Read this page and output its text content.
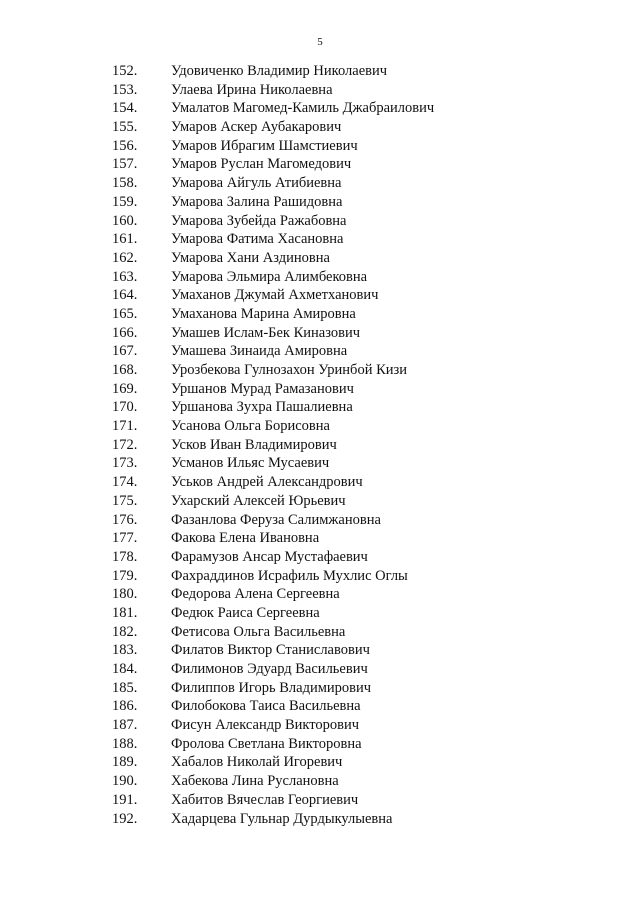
5
152. Удовиченко Владимир Николаевич
153. Улаева Ирина Николаевна
154. Умалатов Магомед-Камиль Джабраилович
155. Умаров Аскер Аубакарович
156. Умаров Ибрагим Шамстиевич
157. Умаров Руслан Магомедович
158. Умарова Айгуль Атибиевна
159. Умарова Залина Рашидовна
160. Умарова Зубейда Ражабовна
161. Умарова Фатима Хасановна
162. Умарова Хани Аздиновна
163. Умарова Эльмира Алимбековна
164. Умаханов Джумай Ахметханович
165. Умаханова Марина Амировна
166. Умашев Ислам-Бек Киназович
167. Умашева Зинаида Амировна
168. Урозбекова Гулнозахон Уринбой Кизи
169. Уршанов Мурад Рамазанович
170. Уршанова Зухра Пашалиевна
171. Усанова Ольга Борисовна
172. Усков Иван Владимирович
173. Усманов Ильяс Мусаевич
174. Уськов Андрей Александрович
175. Ухарский Алексей Юрьевич
176. Фазанлова Феруза Салимжановна
177. Факова Елена Ивановна
178. Фарамузов Ансар Мустафаевич
179. Фахраддинов Исрафиль Мухлис Оглы
180. Федорова Алена Сергеевна
181. Федюк Раиса Сергеевна
182. Фетисова Ольга Васильевна
183. Филатов Виктор Станиславович
184. Филимонов Эдуард Васильевич
185. Филиппов Игорь Владимирович
186. Филобокова Таиса Васильевна
187. Фисун Александр Викторович
188. Фролова Светлана Викторовна
189. Хабалов Николай Игоревич
190. Хабекова Лина Руслановна
191. Хабитов Вячеслав Георгиевич
192. Хадарцева Гульнар Дурдыкулыевна
